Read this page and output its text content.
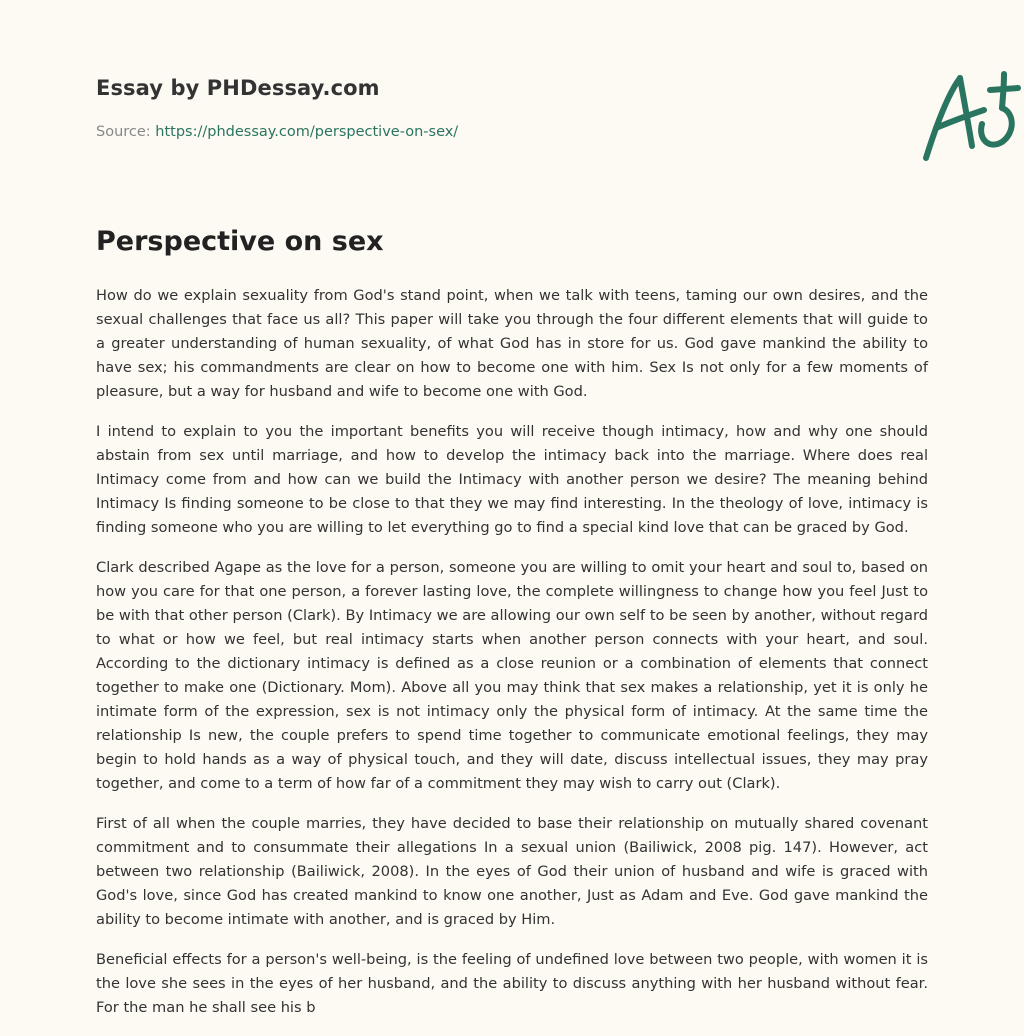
Essay by PHDessay.com
Source: https://phdessay.com/perspective-on-sex/
Perspective on sex

How do we explain sexuality from God's stand point, when we talk with teens, taming our own desires, and the sexual challenges that face us all? This paper will take you through the four different elements that will guide to a greater understanding of human sexuality, of what God has in store for us. God gave mankind the ability to have sex; his commandments are clear on how to become one with him. Sex Is not only for a few moments of pleasure, but a way for husband and wife to become one with God.

I intend to explain to you the important benefits you will receive though intimacy, how and why one should abstain from sex until marriage, and how to develop the intimacy back into the marriage. Where does real Intimacy come from and how can we build the Intimacy with another person we desire? The meaning behind Intimacy Is finding someone to be close to that they we may find interesting. In the theology of love, intimacy is finding someone who you are willing to let everything go to find a special kind love that can be graced by God.

Clark described Agape as the love for a person, someone you are willing to omit your heart and soul to, based on how you care for that one person, a forever lasting love, the complete willingness to change how you feel Just to be with that other person (Clark). By Intimacy we are allowing our own self to be seen by another, without regard to what or how we feel, but real intimacy starts when another person connects with your heart, and soul. According to the dictionary intimacy is defined as a close reunion or a combination of elements that connect together to make one (Dictionary. Mom). Above all you may think that sex makes a relationship, yet it is only he intimate form of the expression, sex is not intimacy only the physical form of intimacy. At the same time the relationship Is new, the couple prefers to spend time together to communicate emotional feelings, they may begin to hold hands as a way of physical touch, and they will date, discuss intellectual issues, they may pray together, and come to a term of how far of a commitment they may wish to carry out (Clark).

First of all when the couple marries, they have decided to base their relationship on mutually shared covenant commitment and to consummate their allegations In a sexual union (Bailiwick, 2008 pig. 147). However, act between two relationship (Bailiwick, 2008). In the eyes of God their union of husband and wife is graced with God's love, since God has created mankind to know one another, Just as Adam and Eve. God gave mankind the ability to become intimate with another, and is graced by Him.

Beneficial effects for a person's well-being, is the feeling of undefined love between two people, with women it is the love she sees in the eyes of her husband, and the ability to discuss anything with her husband without fear. For the man he shall see his b
